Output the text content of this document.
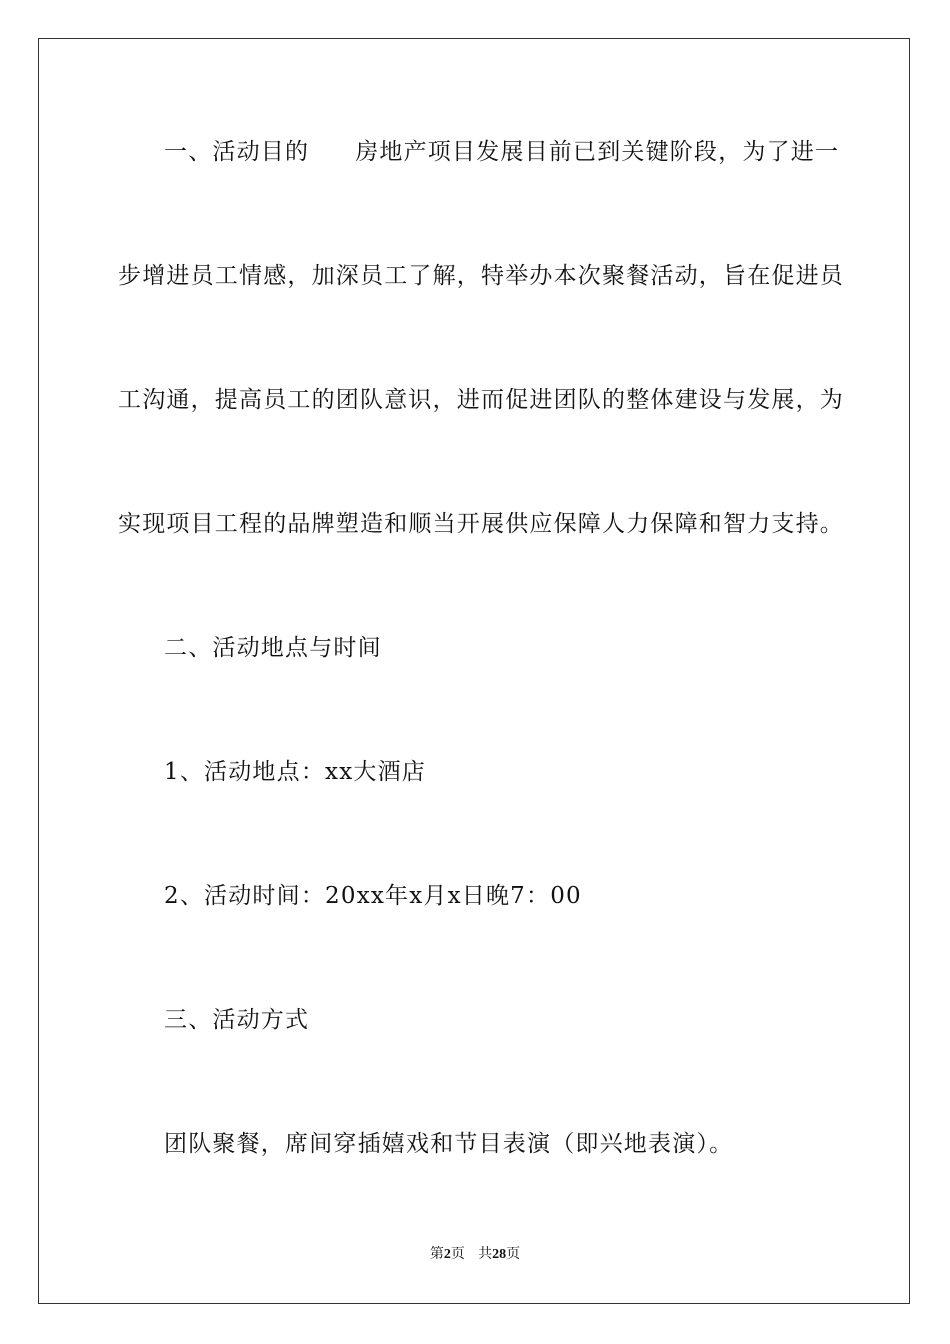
一、活动目的 房地产项目发展目前已到关键阶段，为了进一
步增进员工情感，加深员工了解，特举办本次聚餐活动，旨在促进员
工沟通，提高员工的团队意识，进而促进团队的整体建设与发展，为
实现项目工程的品牌塑造和顺当开展供应保障人力保障和智力支持。
二、活动地点与时间
1、活动地点：xx大酒店
2、活动时间：20xx年x月x日晚7：00
三、活动方式
团队聚餐，席间穿插嬉戏和节目表演（即兴地表演）。
第2页 共28页
